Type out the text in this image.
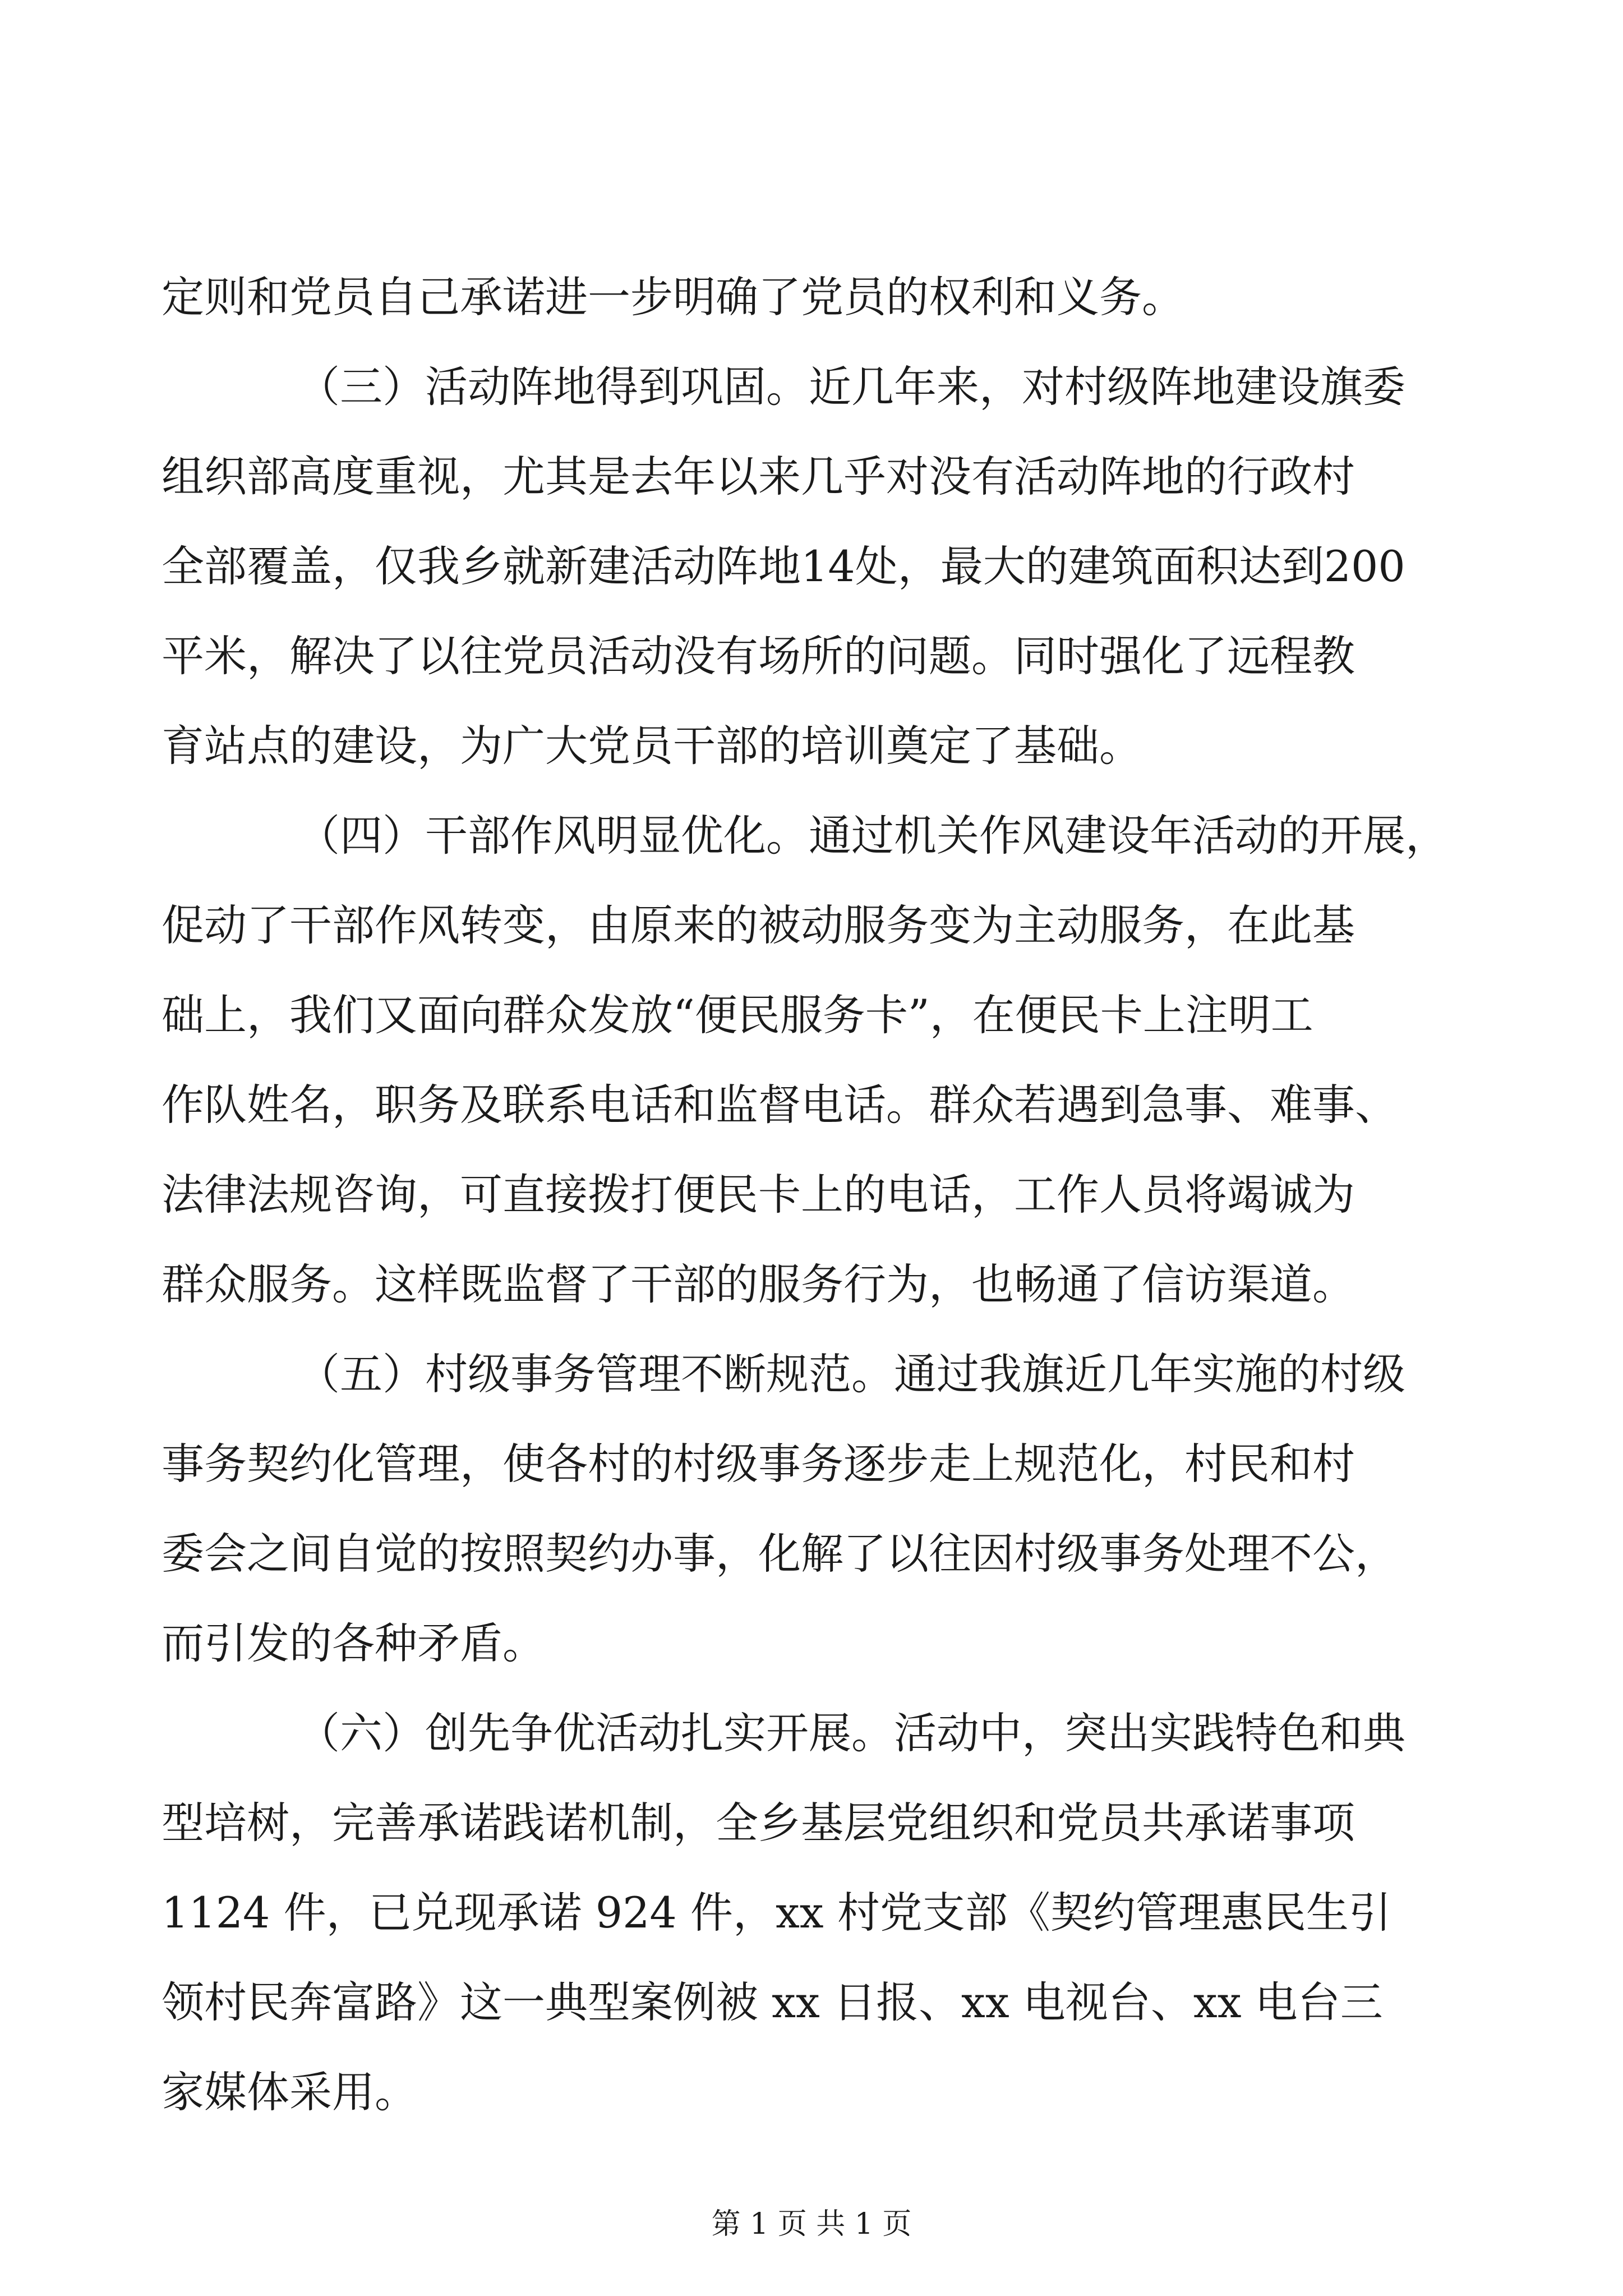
定则和党员自己承诺进一步明确了党员的权利和义务。
（三）活动阵地得到巩固。近几年来，对村级阵地建设旗委
组织部高度重视，尤其是去年以来几乎对没有活动阵地的行政村
全部覆盖，仅我乡就新建活动阵地14处，最大的建筑面积达到200
平米，解决了以往党员活动没有场所的问题。同时强化了远程教
育站点的建设，为广大党员干部的培训奠定了基础。
（四）干部作风明显优化。通过机关作风建设年活动的开展，
促动了干部作风转变，由原来的被动服务变为主动服务，在此基
础上，我们又面向群众发放“便民服务卡”，在便民卡上注明工
作队姓名，职务及联系电话和监督电话。群众若遇到急事、难事、
法律法规咨询，可直接拨打便民卡上的电话，工作人员将竭诚为
群众服务。这样既监督了干部的服务行为，也畅通了信访渠道。
（五）村级事务管理不断规范。通过我旗近几年实施的村级
事务契约化管理，使各村的村级事务逐步走上规范化，村民和村
委会之间自觉的按照契约办事，化解了以往因村级事务处理不公，
而引发的各种矛盾。
（六）创先争优活动扎实开展。活动中，突出实践特色和典
型培树，完善承诺践诺机制，全乡基层党组织和党员共承诺事项
1124 件，已兑现承诺 924 件，xx 村党支部《契约管理惠民生引
领村民奔富路》这一典型案例被 xx 日报、xx 电视台、xx 电台三
家媒体采用。
第 1 页 共 1 页
